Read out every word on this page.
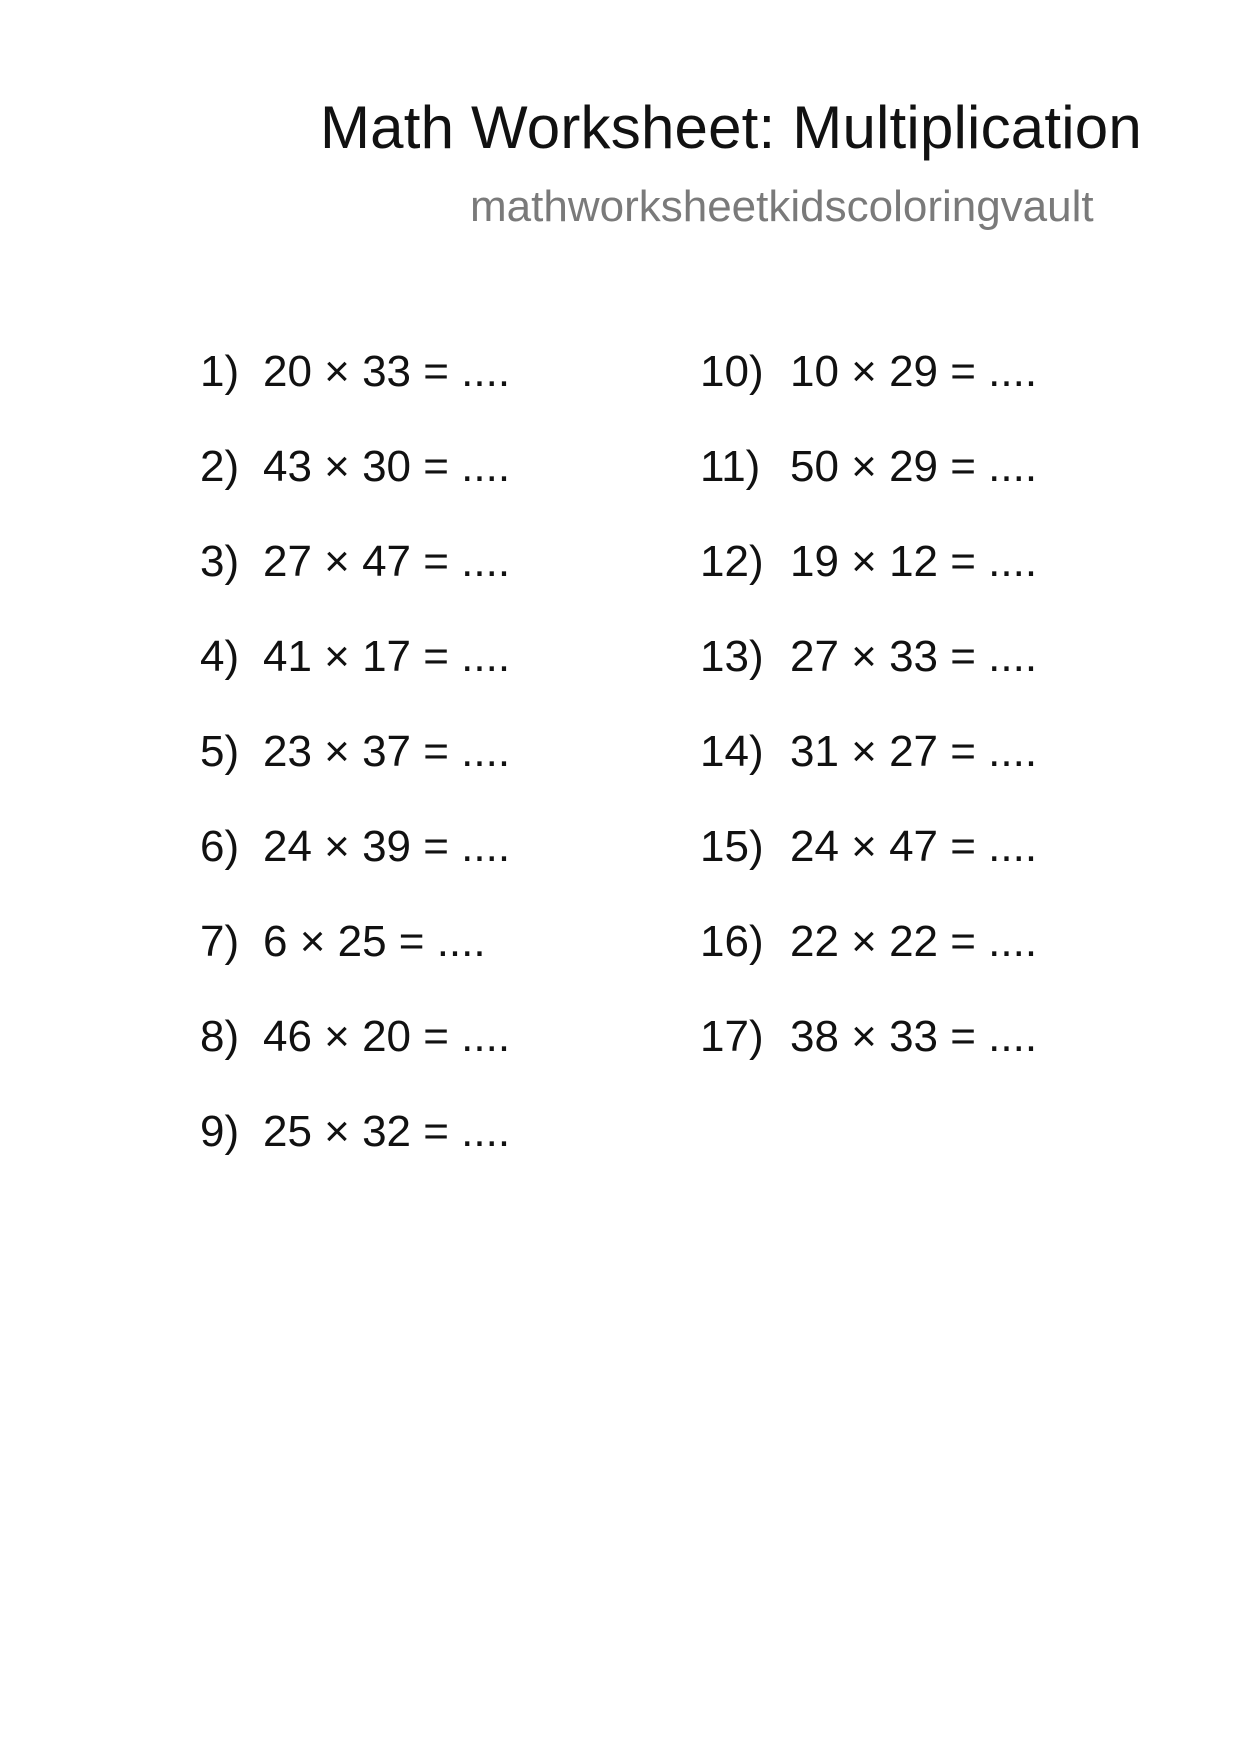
Math Worksheet: Multiplication
mathworksheetkidscoloringvault
1) 20 × 33 = ....
2) 43 × 30 = ....
3) 27 × 47 = ....
4) 41 × 17 = ....
5) 23 × 37 = ....
6) 24 × 39 = ....
7) 6 × 25 = ....
8) 46 × 20 = ....
9) 25 × 32 = ....
10) 10 × 29 = ....
11) 50 × 29 = ....
12) 19 × 12 = ....
13) 27 × 33 = ....
14) 31 × 27 = ....
15) 24 × 47 = ....
16) 22 × 22 = ....
17) 38 × 33 = ....
